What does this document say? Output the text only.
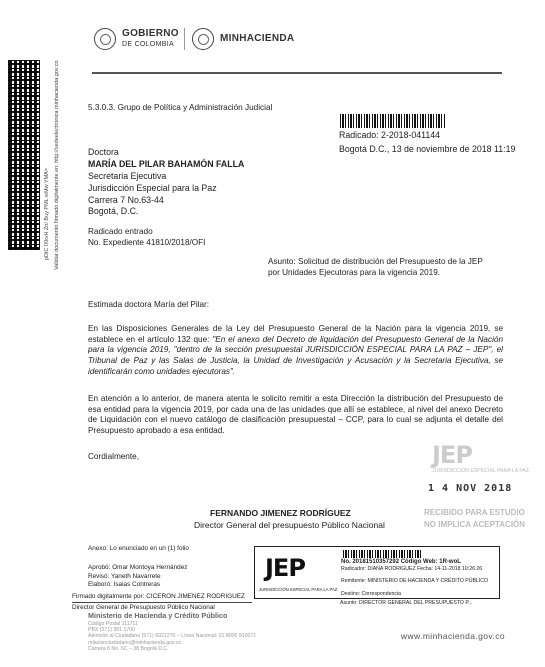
GOBIERNO
DE COLOMBIA
MINHACIENDA
pDtC lXkvH Zn/ Buy PML wMw YMA= Validar documento firmado digitalmente en: http://sedeelectronica.minhacienda.gov.co	5.3.0.3. Grupo de Política y Administración Judicial
Radicado: 2-2018-041144
Bogotá D.C., 13 de noviembre de 2018 11:19
Doctora
MARÍA DEL PILAR BAHAMÓN FALLA
Secretaria Ejecutiva
Jurisdicción Especial para la Paz
Carrera 7 No.63-44
Bogotá, D.C.
Radicado entrado
No. Expediente 41810/2018/OFI
Asunto: Solicitud de distribución del Presupuesto de la JEP por Unidades Ejecutoras para la vigencia 2019.
Estimada doctora María del Pilar:

En las Disposiciones Generales de la Ley del Presupuesto General de la Nación para la vigencia 2019, se establece en el artículo 132 que: "En el anexo del Decreto de liquidación del Presupuesto General de la Nación para la vigencia 2019, "dentro de la sección presupuestal JURISDICCIÓN ESPECIAL PARA LA PAZ – JEP", el Tribunal de Paz y las Salas de Justicia, la Unidad de Investigación y Acusación y la Secretaria Ejecutiva, se identificarán como unidades ejecutoras".

En atención a lo anterior, de manera atenta le solicito remitir a esta Dirección la distribución del Presupuesto de esa entidad para la vigencia 2019, por cada una de las unidades que allí se establece, al nivel del anexo Decreto de Liquidación con el nuevo catálogo de clasificación presupuestal – CCP, para lo cual se adjunta el detalle del Presupuesto aprobado a esa entidad.

Cordialmente,	JEP
JURISDICCIÓN ESPECIAL PARA LA PAZ
1 4 NOV 2018
RECIBIDO PARA ESTUDIO
NO IMPLICA ACEPTACIÓN
FERNANDO JIMENEZ RODRÍGUEZ
Director General del presupuesto Público Nacional
Anexo: Lo enunciado en un (1) folio
Aprobó: Omar Montoya Hernández
Revisó: Yaneth Navarrete
Elaboró: Isaias Contreras
JEP
JURISDICCIÓN ESPECIAL PARA LA PAZ
No. 20181510357292 Código Web: 1R-woL
Radicador: DIANA RODRIGUEZ Fecha: 14-11-2018 10:26:26
Remitente: MINISTERIO DE HACIENDA Y CRÉDITO PÚBLICO
Destino: Correspondencia
Asunto: DIRECTOR GENERAL DEL PRESUPUESTO P...
Firmado digitalmente por: CICERON JIMENEZ RODRIGUEZ
Director General de Presupuesto Público Nacional
Ministerio de Hacienda y Crédito Público
Código Postal 111711
PBX (571) 381 1700
Atención al Ciudadano (571) 6021270 – Línea Nacional: 01 8000 910071
relacionciudadano@minhacienda.gov.co
Carrera 8 No. 6C – 38 Bogotá D.C.
www.minhacienda.gov.co
